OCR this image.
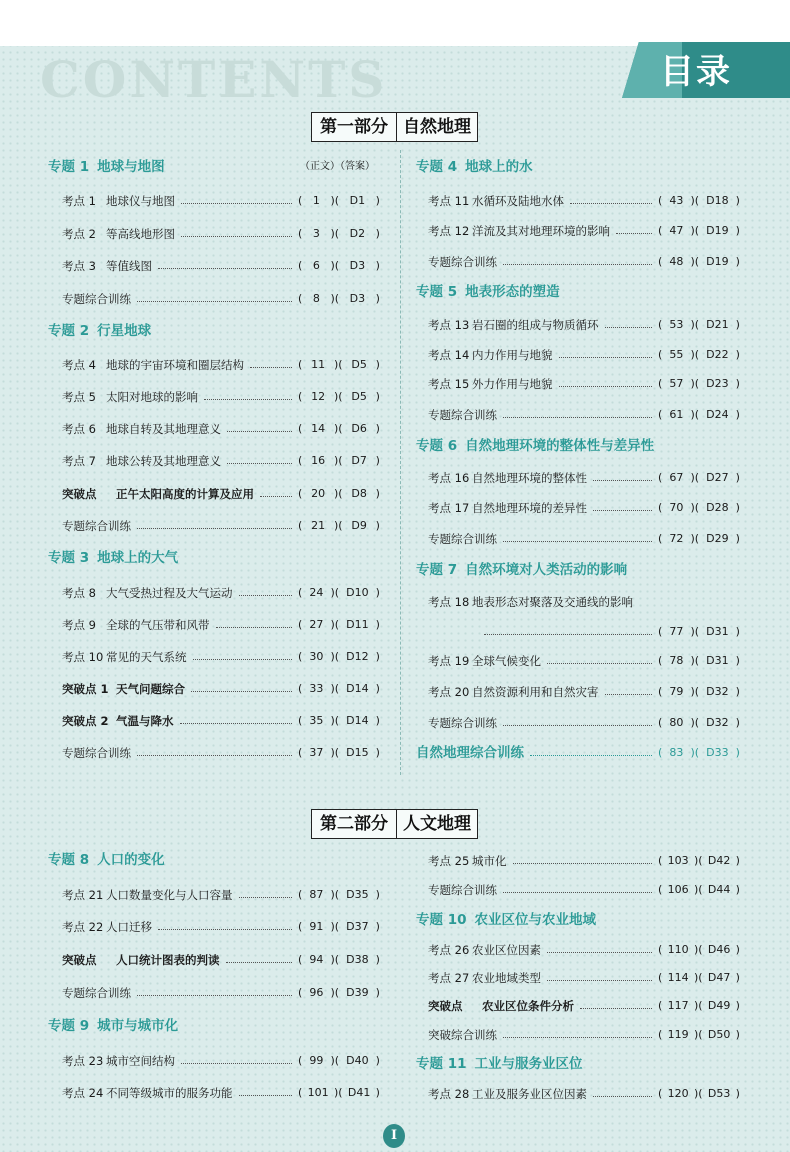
CONTENTS	目录
第一部分 自然地理
专题 1 地球与地图	（正文）（答案）
考点 1 地球仪与地图	( 1 )( D1 )
考点 2 等高线地形图	( 3 )( D2 )
考点 3 等值线图	( 6 )( D3 )
专题综合训练	( 8 )( D3 )
专题 2 行星地球
考点 4 地球的宇宙环境和圈层结构	( 11 )( D5 )
考点 5 太阳对地球的影响	( 12 )( D5 )
考点 6 地球自转及其地理意义	( 14 )( D6 )
考点 7 地球公转及其地理意义	( 16 )( D7 )
突破点	正午太阳高度的计算及应用	( 20 )( D8 )
专题综合训练	( 21 )( D9 )
专题 3 地球上的大气
考点 8 大气受热过程及大气运动	( 24 )( D10 )
考点 9 全球的气压带和风带	( 27 )( D11 )
考点 10 常见的天气系统	( 30 )( D12 )
突破点 1 天气问题综合	( 33 )( D14 )
突破点 2 气温与降水	( 35 )( D14 )
专题综合训练	( 37 )( D15 )
专题 4 地球上的水
考点 11 水循环及陆地水体	( 43 )( D18 )
考点 12 洋流及其对地理环境的影响	( 47 )( D19 )
专题综合训练	( 48 )( D19 )
专题 5 地表形态的塑造
考点 13 岩石圈的组成与物质循环	( 53 )( D21 )
考点 14 内力作用与地貌	( 55 )( D22 )
考点 15 外力作用与地貌	( 57 )( D23 )
专题综合训练	( 61 )( D24 )
专题 6 自然地理环境的整体性与差异性
考点 16 自然地理环境的整体性	( 67 )( D27 )
考点 17 自然地理环境的差异性	( 70 )( D28 )
专题综合训练	( 72 )( D29 )
专题 7 自然环境对人类活动的影响
考点 18 地表形态对聚落及交通线的影响
( 77 )( D31 )
考点 19 全球气候变化	( 78 )( D31 )
考点 20 自然资源利用和自然灾害	( 79 )( D32 )
专题综合训练	( 80 )( D32 )
自然地理综合训练	( 83 )( D33 )
第二部分 人文地理
专题 8 人口的变化
考点 21 人口数量变化与人口容量	( 87 )( D35 )
考点 22 人口迁移	( 91 )( D37 )
突破点	人口统计图表的判读	( 94 )( D38 )
专题综合训练	( 96 )( D39 )
专题 9 城市与城市化
考点 23 城市空间结构	( 99 )( D40 )
考点 24 不同等级城市的服务功能	( 101 )( D41 )
考点 25 城市化	( 103 )( D42 )
专题综合训练	( 106 )( D44 )
专题 10 农业区位与农业地域
考点 26 农业区位因素	( 110 )( D46 )
考点 27 农业地域类型	( 114 )( D47 )
突破点	农业区位条件分析	( 117 )( D49 )
突破综合训练	( 119 )( D50 )
专题 11 工业与服务业区位
考点 28 工业及服务业区位因素	( 120 )( D53 )
I
